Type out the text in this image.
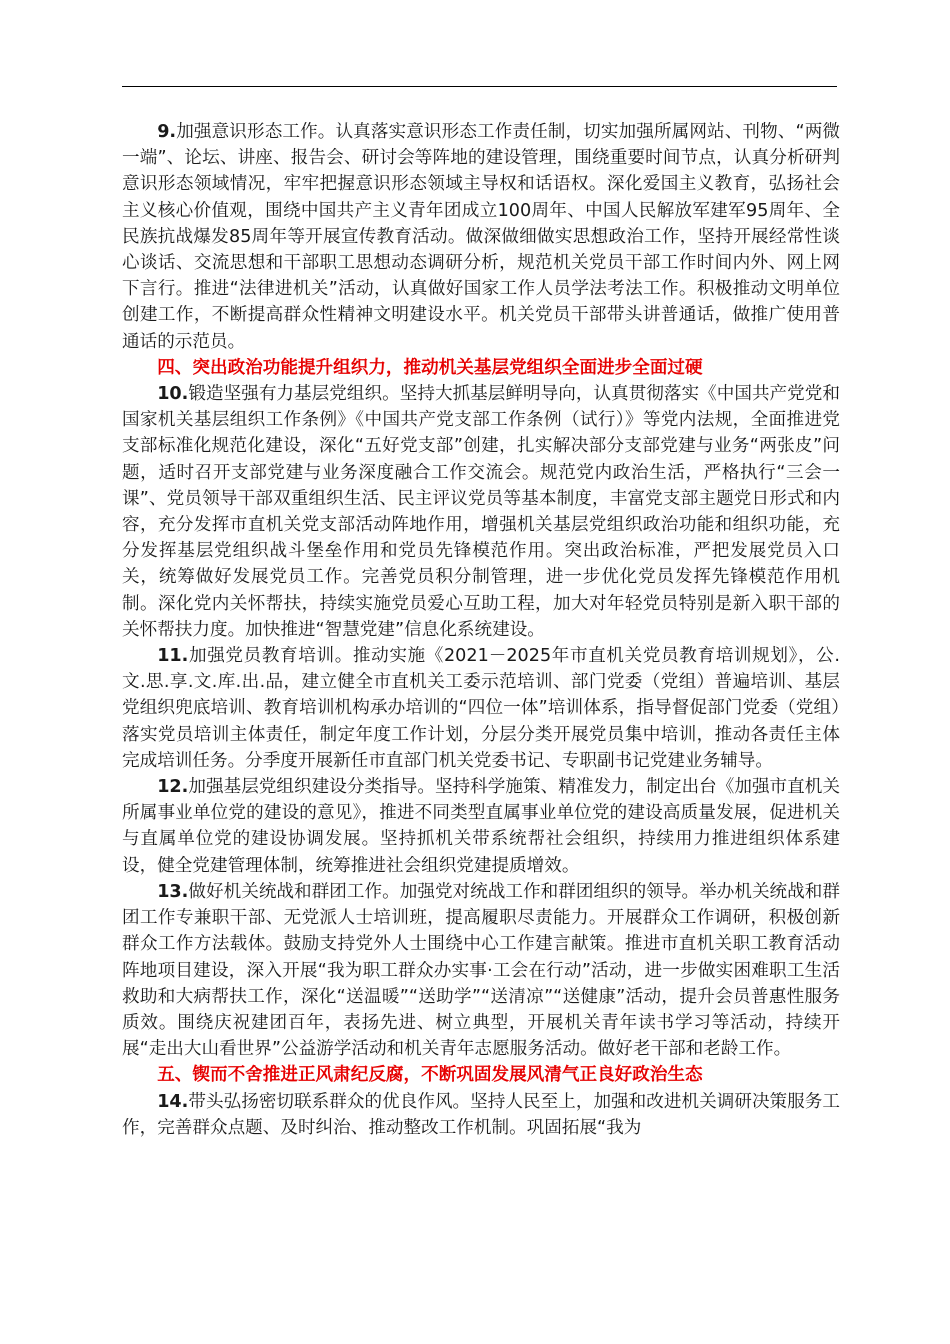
9.加强意识形态工作。认真落实意识形态工作责任制，切实加强所属网站、刊物、“两微一端”、论坛、讲座、报告会、研讨会等阵地的建设管理，围绕重要时间节点，认真分析研判意识形态领域情况，牢牢把握意识形态领域主导权和话语权。深化爱国主义教育，弘扬社会主义核心价值观，围绕中国共产主义青年团成立100周年、中国人民解放军建军95周年、全民族抗战爆发85周年等开展宣传教育活动。做深做细做实思想政治工作，坚持开展经常性谈心谈话、交流思想和干部职工思想动态调研分析，规范机关党员干部工作时间内外、网上网下言行。推进“法律进机关”活动，认真做好国家工作人员学法考法工作。积极推动文明单位创建工作，不断提高群众性精神文明建设水平。机关党员干部带头讲普通话，做推广使用普通话的示范员。

四、突出政治功能提升组织力，推动机关基层党组织全面进步全面过硬

10.锻造坚强有力基层党组织。坚持大抓基层鲜明导向，认真贯彻落实《中国共产党党和国家机关基层组织工作条例》《中国共产党支部工作条例（试行）》等党内法规，全面推进党支部标准化规范化建设，深化“五好党支部”创建，扎实解决部分支部党建与业务“两张皮”问题，适时召开支部党建与业务深度融合工作交流会。规范党内政治生活，严格执行“三会一课”、党员领导干部双重组织生活、民主评议党员等基本制度，丰富党支部主题党日形式和内容，充分发挥市直机关党支部活动阵地作用，增强机关基层党组织政治功能和组织功能，充分发挥基层党组织战斗堡垒作用和党员先锋模范作用。突出政治标准，严把发展党员入口关，统筹做好发展党员工作。完善党员积分制管理，进一步优化党员发挥先锋模范作用机制。深化党内关怀帮扶，持续实施党员爱心互助工程，加大对年轻党员特别是新入职干部的关怀帮扶力度。加快推进“智慧党建”信息化系统建设。

11.加强党员教育培训。推动实施《2021－2025年市直机关党员教育培训规划》，公.文.思.享.文.库.出.品，建立健全市直机关工委示范培训、部门党委（党组）普遍培训、基层党组织兜底培训、教育培训机构承办培训的“四位一体”培训体系，指导督促部门党委（党组）落实党员培训主体责任，制定年度工作计划，分层分类开展党员集中培训，推动各责任主体完成培训任务。分季度开展新任市直部门机关党委书记、专职副书记党建业务辅导。

12.加强基层党组织建设分类指导。坚持科学施策、精准发力，制定出台《加强市直机关所属事业单位党的建设的意见》，推进不同类型直属事业单位党的建设高质量发展，促进机关与直属单位党的建设协调发展。坚持抓机关带系统帮社会组织，持续用力推进组织体系建设，健全党建管理体制，统筹推进社会组织党建提质增效。

13.做好机关统战和群团工作。加强党对统战工作和群团组织的领导。举办机关统战和群团工作专兼职干部、无党派人士培训班，提高履职尽责能力。开展群众工作调研，积极创新群众工作方法载体。鼓励支持党外人士围绕中心工作建言献策。推进市直机关职工教育活动阵地项目建设，深入开展“我为职工群众办实事·工会在行动”活动，进一步做实困难职工生活救助和大病帮扶工作，深化“送温暖”“送助学”“送清凉”“送健康”活动，提升会员普惠性服务质效。围绕庆祝建团百年，表扬先进、树立典型，开展机关青年读书学习等活动，持续开展“走出大山看世界”公益游学活动和机关青年志愿服务活动。做好老干部和老龄工作。

五、锲而不舍推进正风肃纪反腐，不断巩固发展风清气正良好政治生态

14.带头弘扬密切联系群众的优良作风。坚持人民至上，加强和改进机关调研决策服务工作，完善群众点题、及时纠治、推动整改工作机制。巩固拓展“我为
